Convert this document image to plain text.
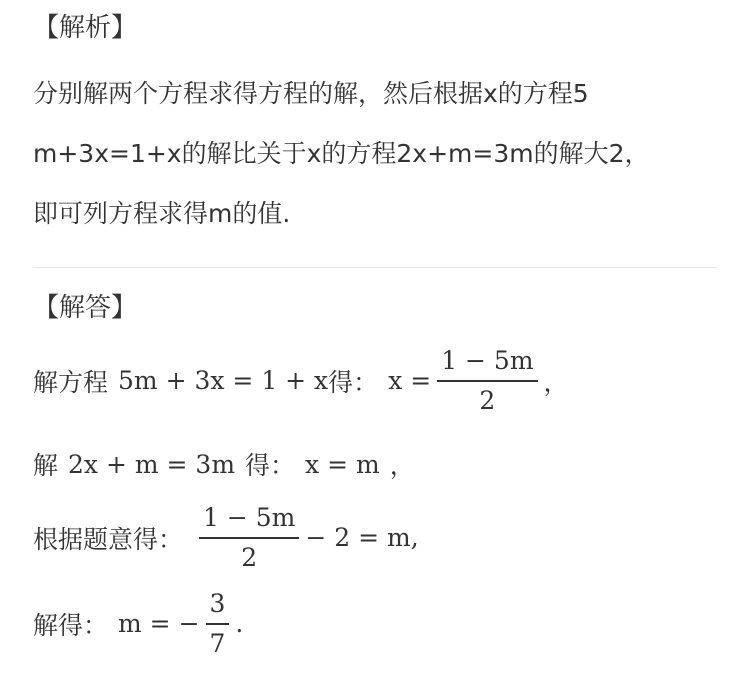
【解析】
分别解两个方程求得方程的解，然后根据x的方程5
m+3x=1+x的解比关于x的方程2x+m=3m的解大2，
即可列方程求得m的值.
【解答】
解方程 5m + 3x = 1 + x 得： $x = \frac{1 - 5m}{2}$ ，
解 2x + m = 3m 得： x = m ，
根据题意得： $\frac{1 - 5m}{2} - 2 = m$,
解得： m = − $\frac{3}{7}$ .
